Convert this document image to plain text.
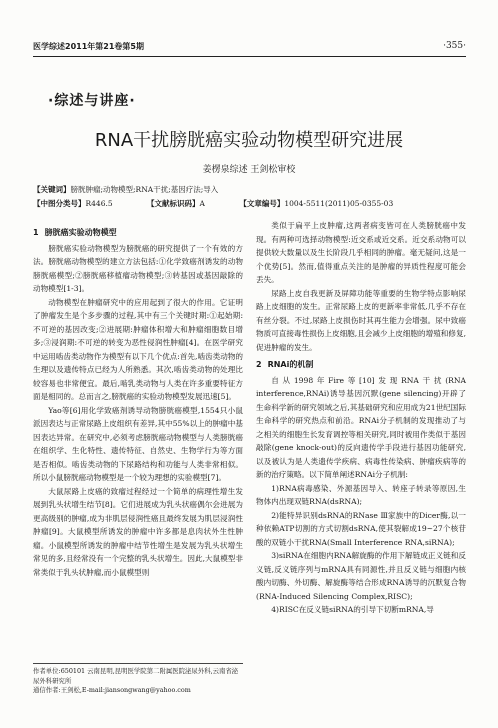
医学综述2011年第21卷第5期	·355·
·综述与讲座·
RNA干扰膀胱癌实验动物模型研究进展
姜楞泉综述 王剑松审校
【关键词】膀胱肿瘤;动物模型;RNA干扰;基因疗法;导入
【中图分类号】R446.5	【文献标识码】A	【文章编号】1004-5511(2011)05-0355-03
1 膀胱癌实验动物模型

膀胱癌实验动物模型为膀胱癌的研究提供了一个有效的方法。膀胱癌动物模型的建立方法包括:①化学致癌剂诱发的动物膀胱癌模型;②膀胱癌移植瘤动物模型;③转基因或基因敲除的动物模型[1-3]。

动物模型在肿瘤研究中的应用起到了很大的作用。它证明了肿瘤发生是个多步骤的过程,其中有三个关键时期:①起始期:不可逆的基因改变;②进展期:肿瘤体积增大和肿瘤细胞数目增多;③浸润期:不可逆的转变为恶性侵润性肿瘤[4]。在医学研究中运用啮齿类动物作为模型有以下几个优点:首先,啮齿类动物的生理以及遗传特点已经为人所熟悉。其次,啮齿类动物的处理比较容易也非常便宜。最后,啮乳类动物与人类在许多重要特征方面是相同的。总而言之,膀胱癌的实验动物模型发展迅速[5]。

Yao等[6]用化学致癌剂诱导动物膀胱癌模型,1554只小鼠派因表达与正常尿路上皮组织有差异,其中55%以上的肿瘤中基因表达异常。在研究中,必须考虑膀胱癌动物模型与人类膀胱癌在组织学、生化特性、遗传特征、自然史、生物学行为等方面是否相似。啮齿类动物的下尿路结构和功能与人类非常相似。所以小鼠膀胱癌动物模型是一个较为理想的实验模型[7]。

大鼠尿路上皮癌的致瘤过程经过一个简单的病理性增生发展到乳头状增生结节[8]。它们进展成为乳头状癌偶尔会进展为更高级别的肿瘤,成为非肌层侵润性癌且最终发展为肌层浸润性肿瘤[9]。大鼠模型所诱发的肿瘤中许多都是息肉状外生性肿瘤。小鼠模型所诱发的肿瘤中结节性增生是发展为乳头状增生常见的多,且经常没有一个完整的乳头状增生。因此,大鼠模型非常类似于乳头状肿瘤,而小鼠模型则

类似于扁平上皮肿瘤,这两者病变皆可在人类膀胱癌中发现。有两种可选择动物模型:近交系或近交系。近交系动物可以提供较大数量以及生长阶段几乎相同的肿瘤。毫无疑问,这是一个优势[5]。然而,值得重点关注的是肿瘤的异质性程度可能会丢失。

尿路上皮自我更新及屏障功能等重要的生物学特点影响尿路上皮细胞的发生。正常尿路上皮的更新率非常低,几乎不存在有丝分裂。不过,尿路上皮损伤时其再生能力会增强。尿中致癌物质可直接毒性损伤上皮细胞,且会减少上皮细胞的增殖和修复,促进肿瘤的发生。

2 RNAi的机制

自从1998年Fire等[10]发现RNA干扰(RNA interference,RNAi)诱导基因沉默(gene silencing)开辟了生命科学新的研究领域之后,其基础研究和应用成为21世纪国际生命科学的研究热点和前沿。RNAi分子机制的发现推动了与之相关的细胞生长发育调控等相关研究,同时被用作类似于基因敲除(gene knock-out)的反向遗传学手段进行基因功能研究,以及被认为是人类遗传学疾病、病毒性传染病、肿瘤疾病等的新的治疗策略。以下简单阐述RNAi分子机制:

1)RNA病毒感染、外源基因导入、转座子转录等原因,生物体内出现双链RNA(dsRNA);

2)能特异识别dsRNA的RNase Ⅲ家族中的Dicer酶,以一种依赖ATP切割的方式切割dsRNA,使其裂解成19~27个核苷酸的双链小干扰RNA(Small Interference RNA,siRNA);

3)siRNA在细胞内RNA解旋酶的作用下解链成正义链和反义链,反义链序列与mRNA具有同源性,并且反义链与细胞内核酸内切酶、外切酶、解旋酶等结合形成RNA诱导的沉默复合物(RNA-Induced Silencing Complex,RISC);

4)RISC在反义链siRNA的引导下切断mRNA,导

作者单位:650101 云南昆明,昆明医学院第二附属医院泌尿外科,云南省泌尿外科研究所
通信作者:王剑松,E-mail:jiansongwang@yahoo.com
